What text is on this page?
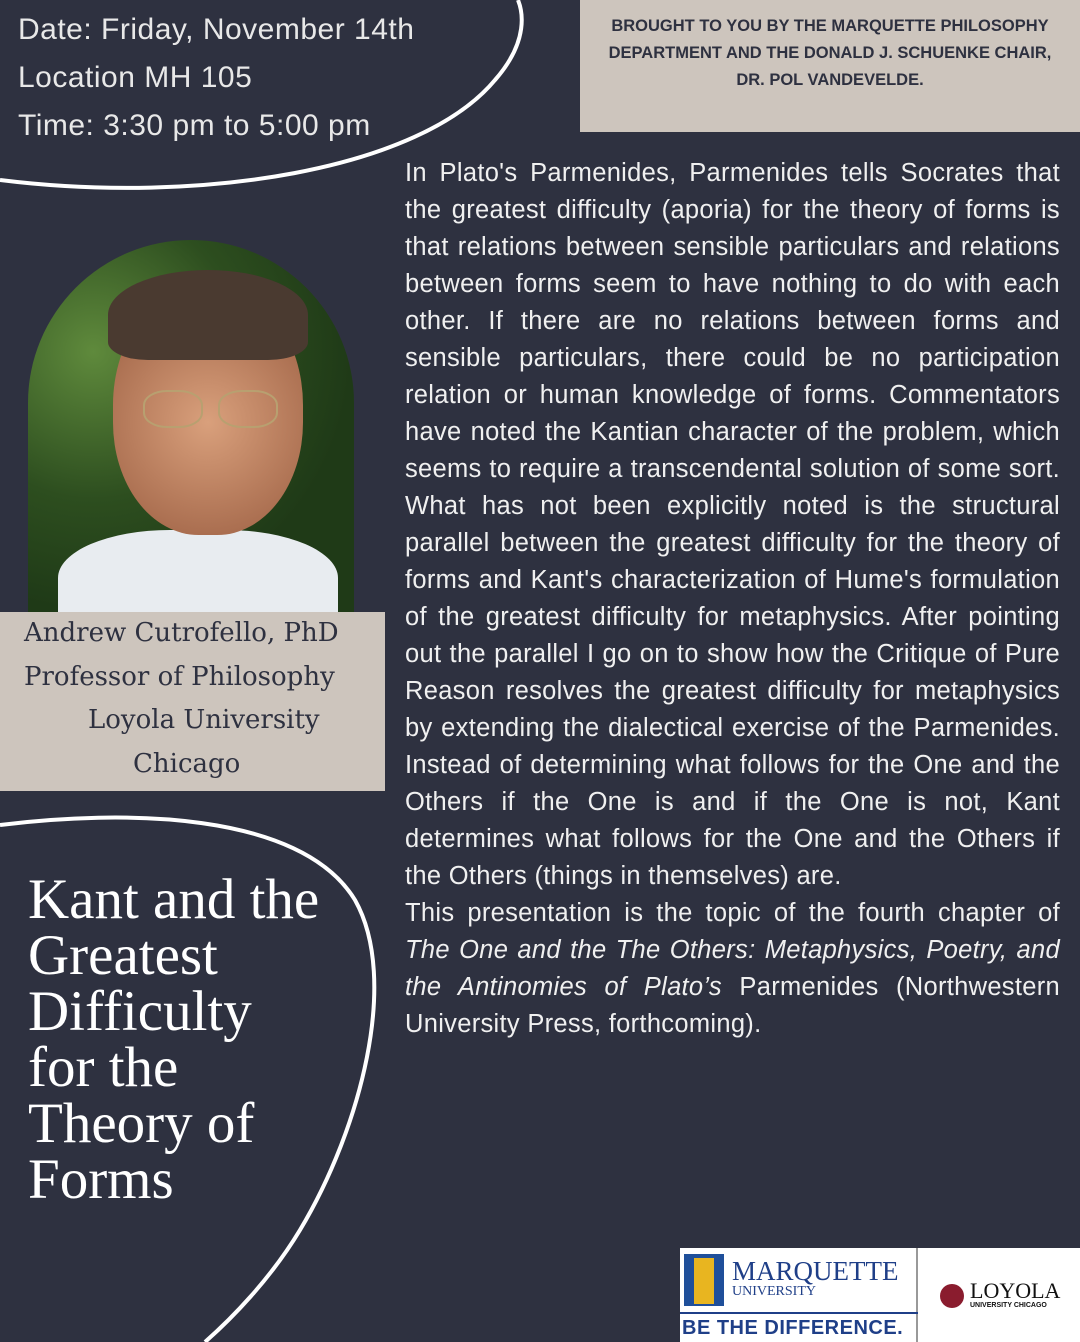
Date: Friday, November 14th
Location MH 105
Time: 3:30 pm to 5:00 pm
BROUGHT TO YOU BY THE MARQUETTE PHILOSOPHY
DEPARTMENT AND THE DONALD J. SCHUENKE CHAIR,
DR. POL VANDEVELDE.
Andrew Cutrofello, PhD
Professor of Philosophy
Loyola University
Chicago
Kant and the Greatest Difficulty for the Theory of Forms
In Plato's Parmenides, Parmenides tells Socrates that the greatest difficulty (aporia) for the theory of forms is that relations between sensible particulars and relations between forms seem to have nothing to do with each other. If there are no relations between forms and sensible particulars, there could be no participation relation or human knowledge of forms. Commentators have noted the Kantian character of the problem, which seems to require a transcendental solution of some sort. What has not been explicitly noted is the structural parallel between the greatest difficulty for the theory of forms and Kant's characterization of Hume's formulation of the greatest difficulty for metaphysics. After pointing out the parallel I go on to show how the Critique of Pure Reason resolves the greatest difficulty for metaphysics by extending the dialectical exercise of the Parmenides. Instead of determining what follows for the One and the Others if the One is and if the One is not, Kant determines what follows for the One and the Others if the Others (things in themselves) are.
This presentation is the topic of the fourth chapter of The One and the The Others: Metaphysics, Poetry, and the Antinomies of Plato’s Parmenides (Northwestern University Press, forthcoming).
MARQUETTE
UNIVERSITY
BE THE DIFFERENCE.
LOYOLA
UNIVERSITY CHICAGO
